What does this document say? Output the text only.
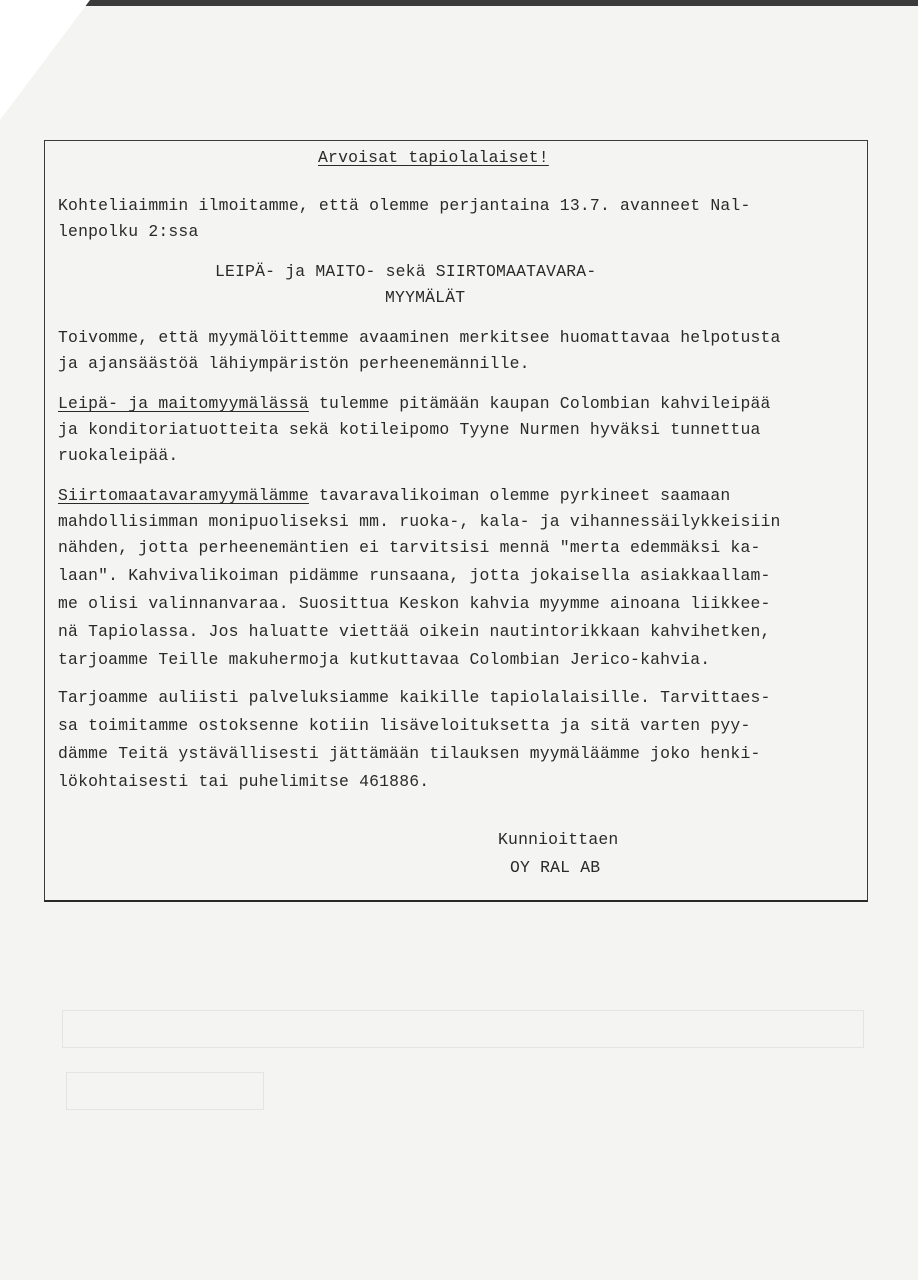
Arvoisat tapiolalaiset!
Kohteliaimmin ilmoitamme, että olemme perjantaina 13.7. avanneet Nal-
lenpolku 2:ssa
LEIPÄ- ja MAITO- sekä SIIRTOMAATAVARA-
MYYMÄLÄT
Toivomme, että myymälöittemme avaaminen merkitsee huomattavaa helpotusta
ja ajansäästöä lähiympäristön perheenemännille.
Leipä- ja maitomyymälässä tulemme pitämään kaupan Colombian kahvileipää
ja konditoriatuotteita sekä kotileipomo Tyyne Nurmen hyväksi tunnettua
ruokaleipää.
Siirtomaatavaramyymälämme tavaravalikoiman olemme pyrkineet saamaan
mahdollisimman monipuoliseksi mm. ruoka-, kala- ja vihannessäilykkeisiin
nähden, jotta perheenemäntien ei tarvitsisi mennä "merta edemmäksi ka-
laan". Kahvivalikoiman pidämme runsaana, jotta jokaisella asiakkaallam-
me olisi valinnanvaraa. Suosittua Keskon kahvia myymme ainoana liikkee-
nä Tapiolassa. Jos haluatte viettää oikein nautintorikkaan kahvihetken,
tarjoamme Teille makuhermoja kutkuttavaa Colombian Jerico-kahvia.
Tarjoamme auliisti palveluksiamme kaikille tapiolalaisille. Tarvittaes-
sa toimitamme ostoksenne kotiin lisäveloituksetta ja sitä varten pyy-
dämme Teitä ystävällisesti jättämään tilauksen myymäläämme joko henki-
lökohtaisesti tai puhelimitse 461886.
Kunnioittaen
OY RAL AB
